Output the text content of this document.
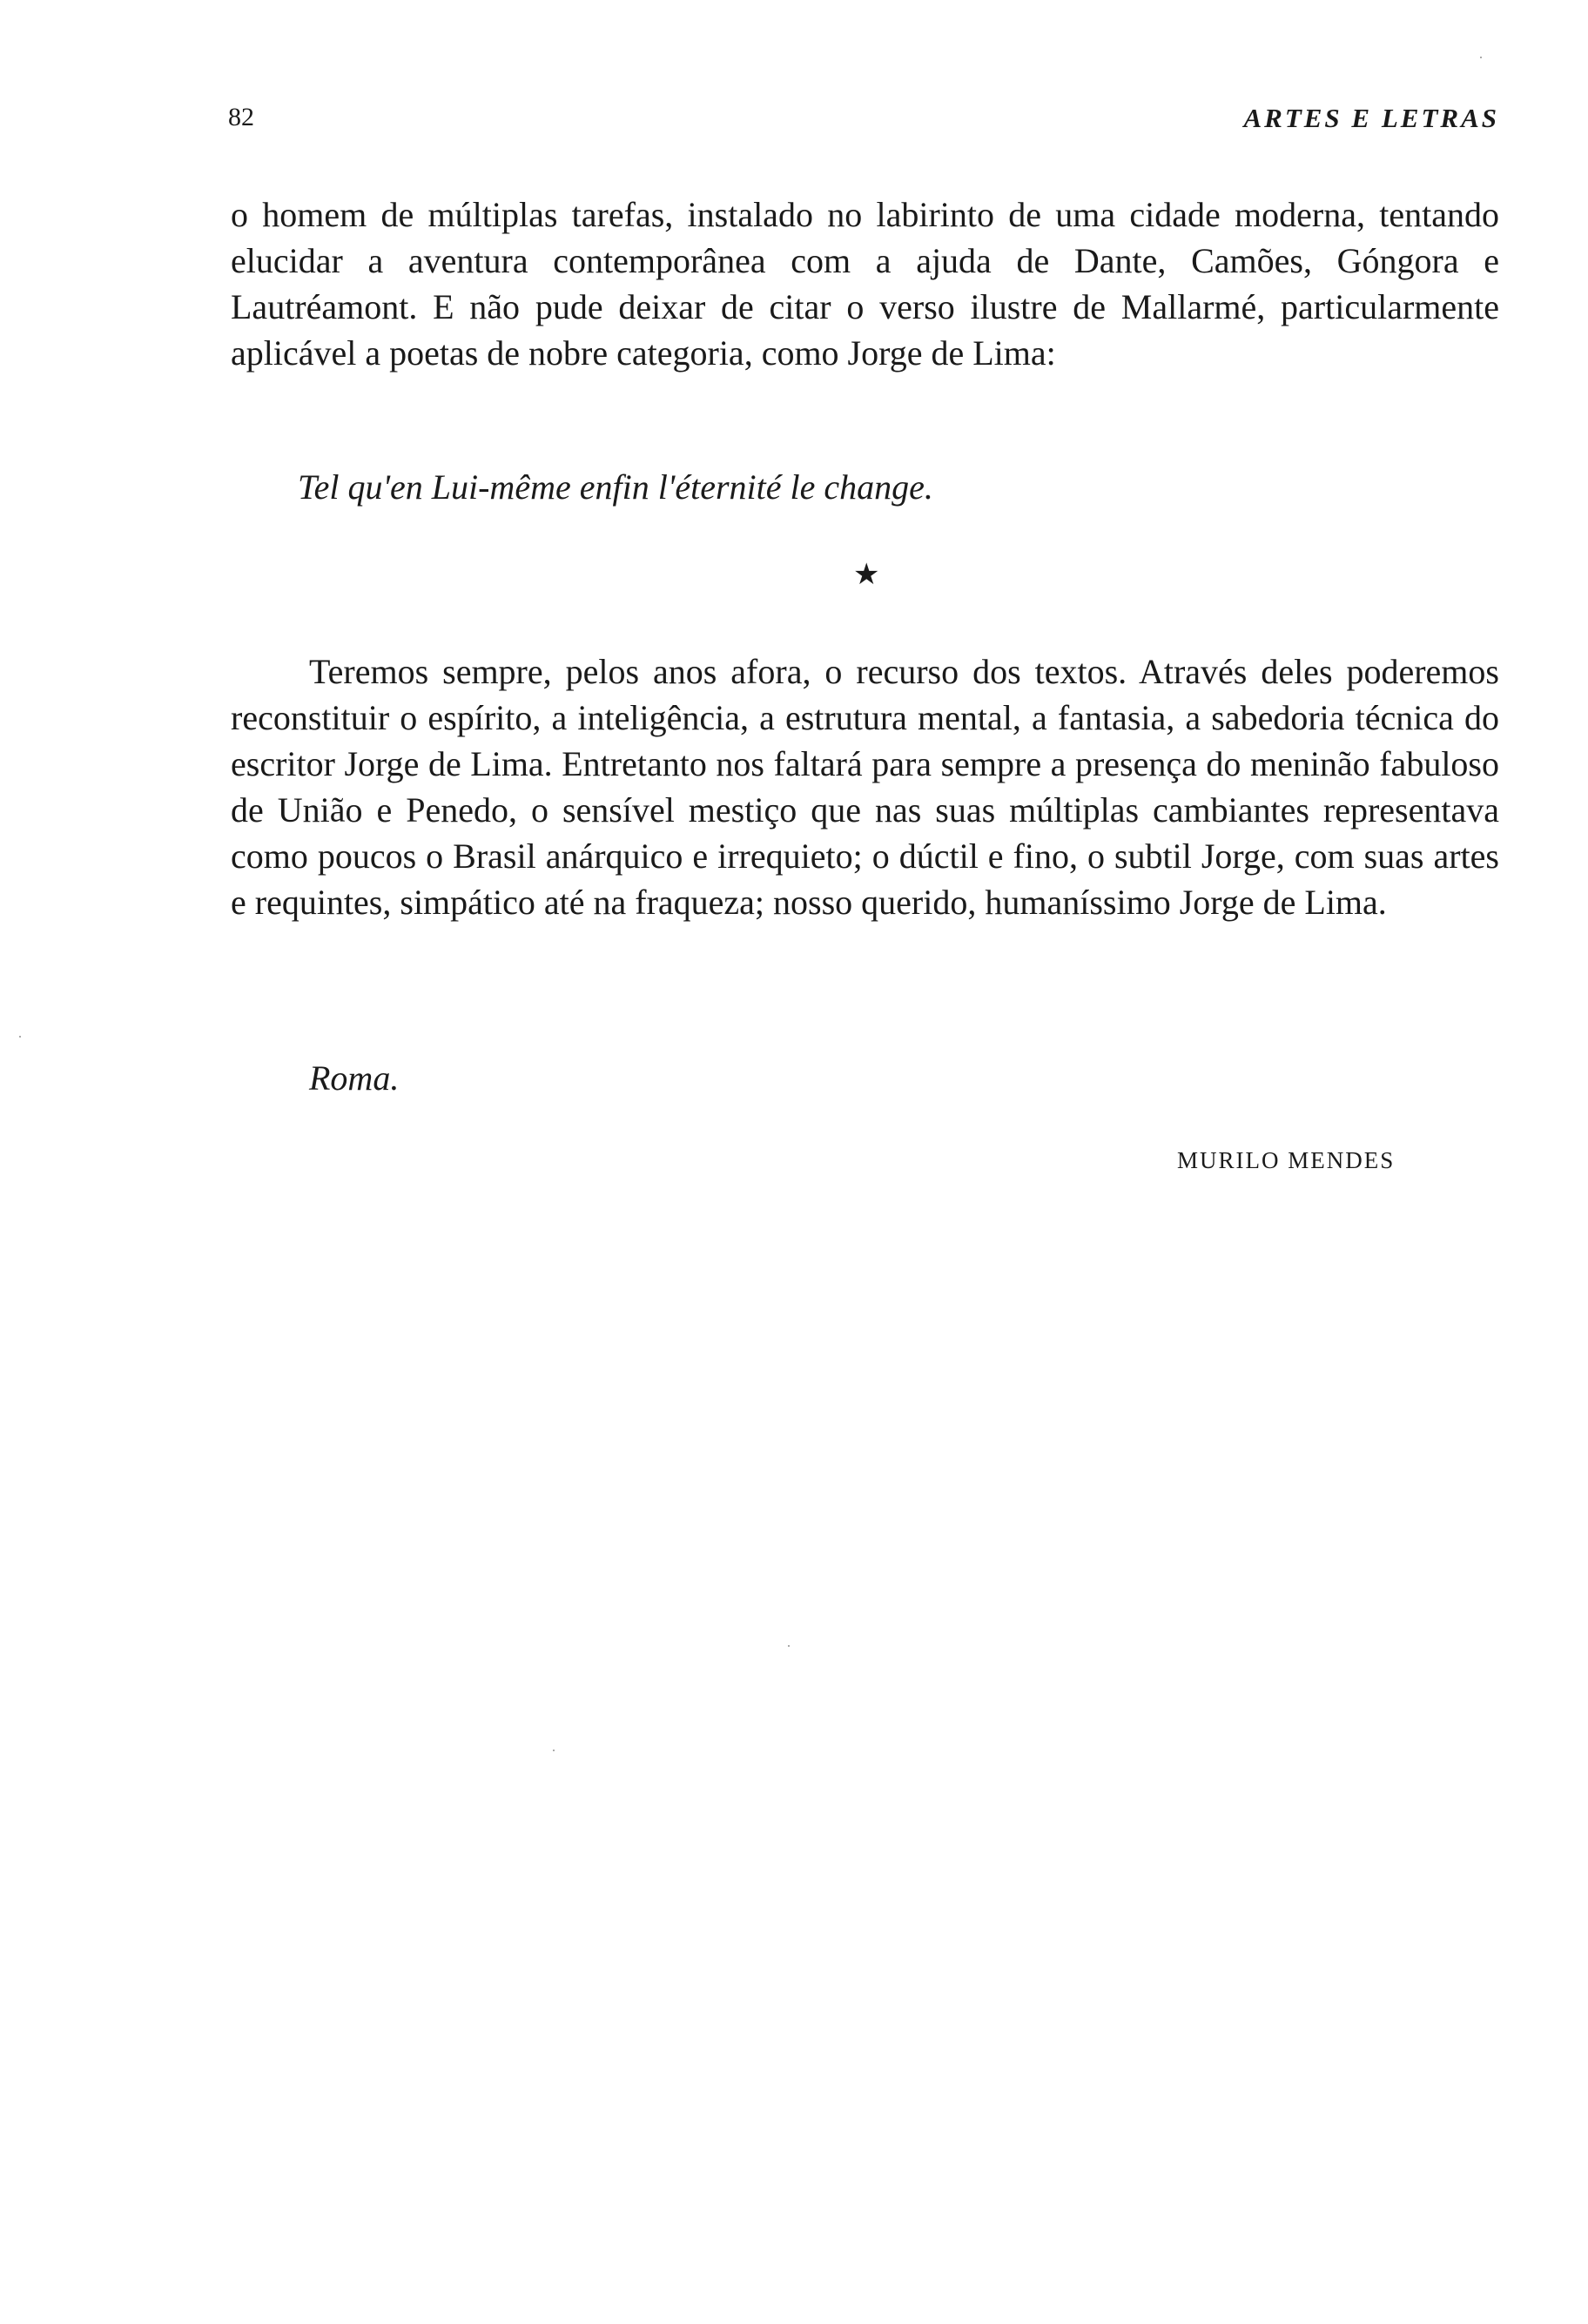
82	ARTES E LETRAS

o homem de múltiplas tarefas, instalado no labirinto de uma cidade moderna, tentando elucidar a aventura contemporânea com a ajuda de Dante, Camões, Góngora e Lautréamont. E não pude deixar de citar o verso ilustre de Mallarmé, particularmente aplicável a poetas de nobre categoria, como Jorge de Lima:

Tel qu'en Lui-même enfin l'éternité le change.

★

Teremos sempre, pelos anos afora, o recurso dos textos. Através deles poderemos reconstituir o espírito, a inteligência, a estrutura mental, a fantasia, a sabedoria técnica do escritor Jorge de Lima. Entretanto nos faltará para sempre a presença do meninão fabuloso de União e Penedo, o sensível mestiço que nas suas múltiplas cambiantes representava como poucos o Brasil anárquico e irrequieto; o dúctil e fino, o subtil Jorge, com suas artes e requintes, simpático até na fraqueza; nosso querido, humaníssimo Jorge de Lima.

Roma.

MURILO MENDES
